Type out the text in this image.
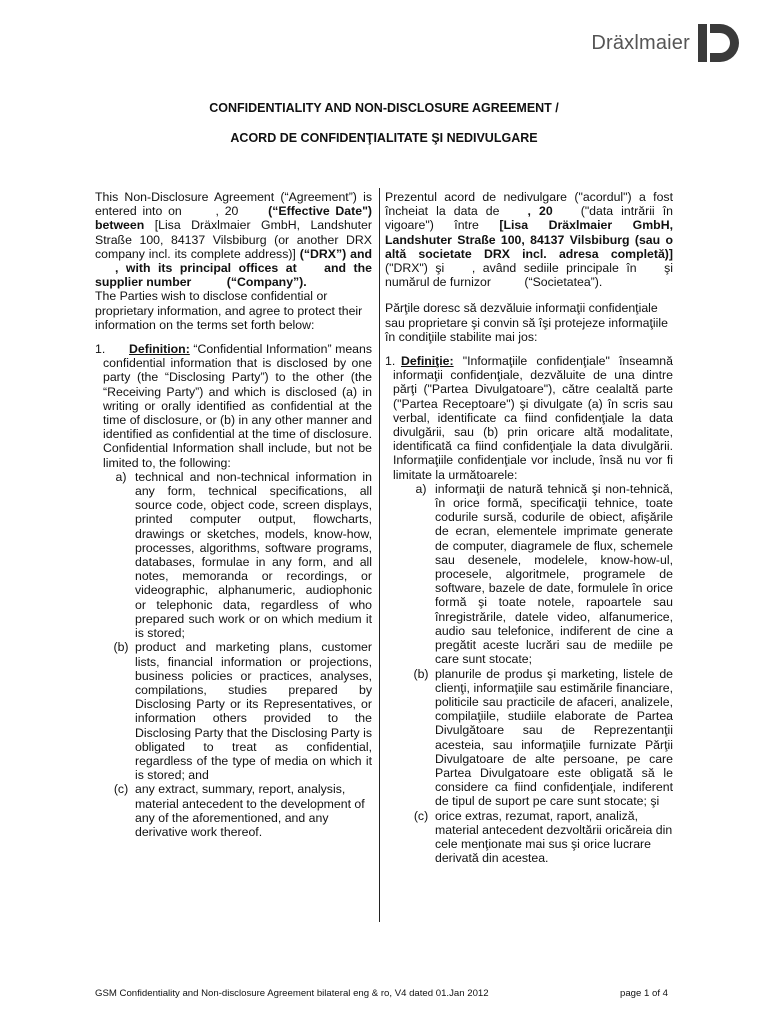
Dräxlmaier
CONFIDENTIALITY AND NON-DISCLOSURE AGREEMENT /
ACORD DE CONFIDENŢIALITATE ŞI NEDIVULGARE

This Non-Disclosure Agreement (“Agreement”) is entered into on	, 20 (“Effective Date") between [Lisa Dräxlmaier GmbH, Landshuter Straße 100, 84137 Vilsbiburg (or another DRX company incl. its complete address)] (“DRX”) and , with its principal offices at and the supplier number	(“Company”).

The Parties wish to disclose confidential or proprietary information, and agree to protect their information on the terms set forth below:

1. Definition: “Confidential Information” means confidential information that is disclosed by one party (the “Disclosing Party”) to the other (the “Receiving Party”) and which is disclosed (a) in writing or orally identified as confidential at the time of disclosure, or (b) in any other manner and identified as confidential at the time of disclosure. Confidential Information shall include, but not be limited to, the following:

a) technical and non-technical information in any form, technical specifications, all source code, object code, screen displays, printed computer output, flowcharts, drawings or sketches, models, know-how, processes, algorithms, software programs, databases, formulae in any form, and all notes, memoranda or recordings, or videographic, alphanumeric, audiophonic or telephonic data, regardless of who prepared such work or on which medium it is stored;
(b) product and marketing plans, customer lists, financial information or projections, business policies or practices, analyses, compilations, studies prepared by Disclosing Party or its Representatives, or information others provided to the Disclosing Party that the Disclosing Party is obligated to treat as confidential, regardless of the type of media on which it is stored; and
(c) any extract, summary, report, analysis, material antecedent to the development of any of the aforementioned, and any derivative work thereof.

Prezentul acord de nedivulgare ("acordul") a fost încheiat la data de , 20 ("data intrării în vigoare") între [Lisa Dräxlmaier GmbH, Landshuter Straße 100, 84137 Vilsbiburg (sau o altă societate DRX incl. adresa completă)] ("DRX") şi , având sediile principale în şi numărul de furnizor	(“Societatea”).

Părţile doresc să dezvăluie informaţii confidenţiale sau proprietare şi convin să îşi protejeze informaţiile în condiţiile stabilite mai jos:

1. Definiţie: "Informaţiile confidenţiale" înseamnă informaţii confidenţiale, dezvăluite de una dintre părţi ("Partea Divulgatoare"), către cealaltă parte ("Partea Receptoare") şi divulgate (a) în scris sau verbal, identificate ca fiind confidenţiale la data divulgării, sau (b) prin oricare altă modalitate, identificată ca fiind confidenţiale la data divulgării. Informaţiile confidenţiale vor include, însă nu vor fi limitate la următoarele:

a) informaţii de natură tehnică şi non-tehnică, în orice formă, specificaţii tehnice, toate codurile sursă, codurile de obiect, afişările de ecran, elementele imprimate generate de computer, diagramele de flux, schemele sau desenele, modelele, know-how-ul, procesele, algoritmele, programele de software, bazele de date, formulele în orice formă şi toate notele, rapoartele sau înregistrările, datele video, alfanumerice, audio sau telefonice, indiferent de cine a pregătit aceste lucrări sau de mediile pe care sunt stocate;
(b) planurile de produs şi marketing, listele de clienţi, informaţiile sau estimările financiare, politicile sau practicile de afaceri, analizele, compilaţiile, studiile elaborate de Partea Divulgătoare sau de Reprezentanţii acesteia, sau informaţiile furnizate Părţii Divulgatoare de alte persoane, pe care Partea Divulgatoare este obligată să le considere ca fiind confidenţiale, indiferent de tipul de suport pe care sunt stocate; şi
(c) orice extras, rezumat, raport, analiză, material antecedent dezvoltării oricăreia din cele menţionate mai sus şi orice lucrare derivată din acestea.
GSM Confidentiality and Non-disclosure Agreement bilateral eng & ro, V4 dated 01.Jan 2012	page 1 of 4
